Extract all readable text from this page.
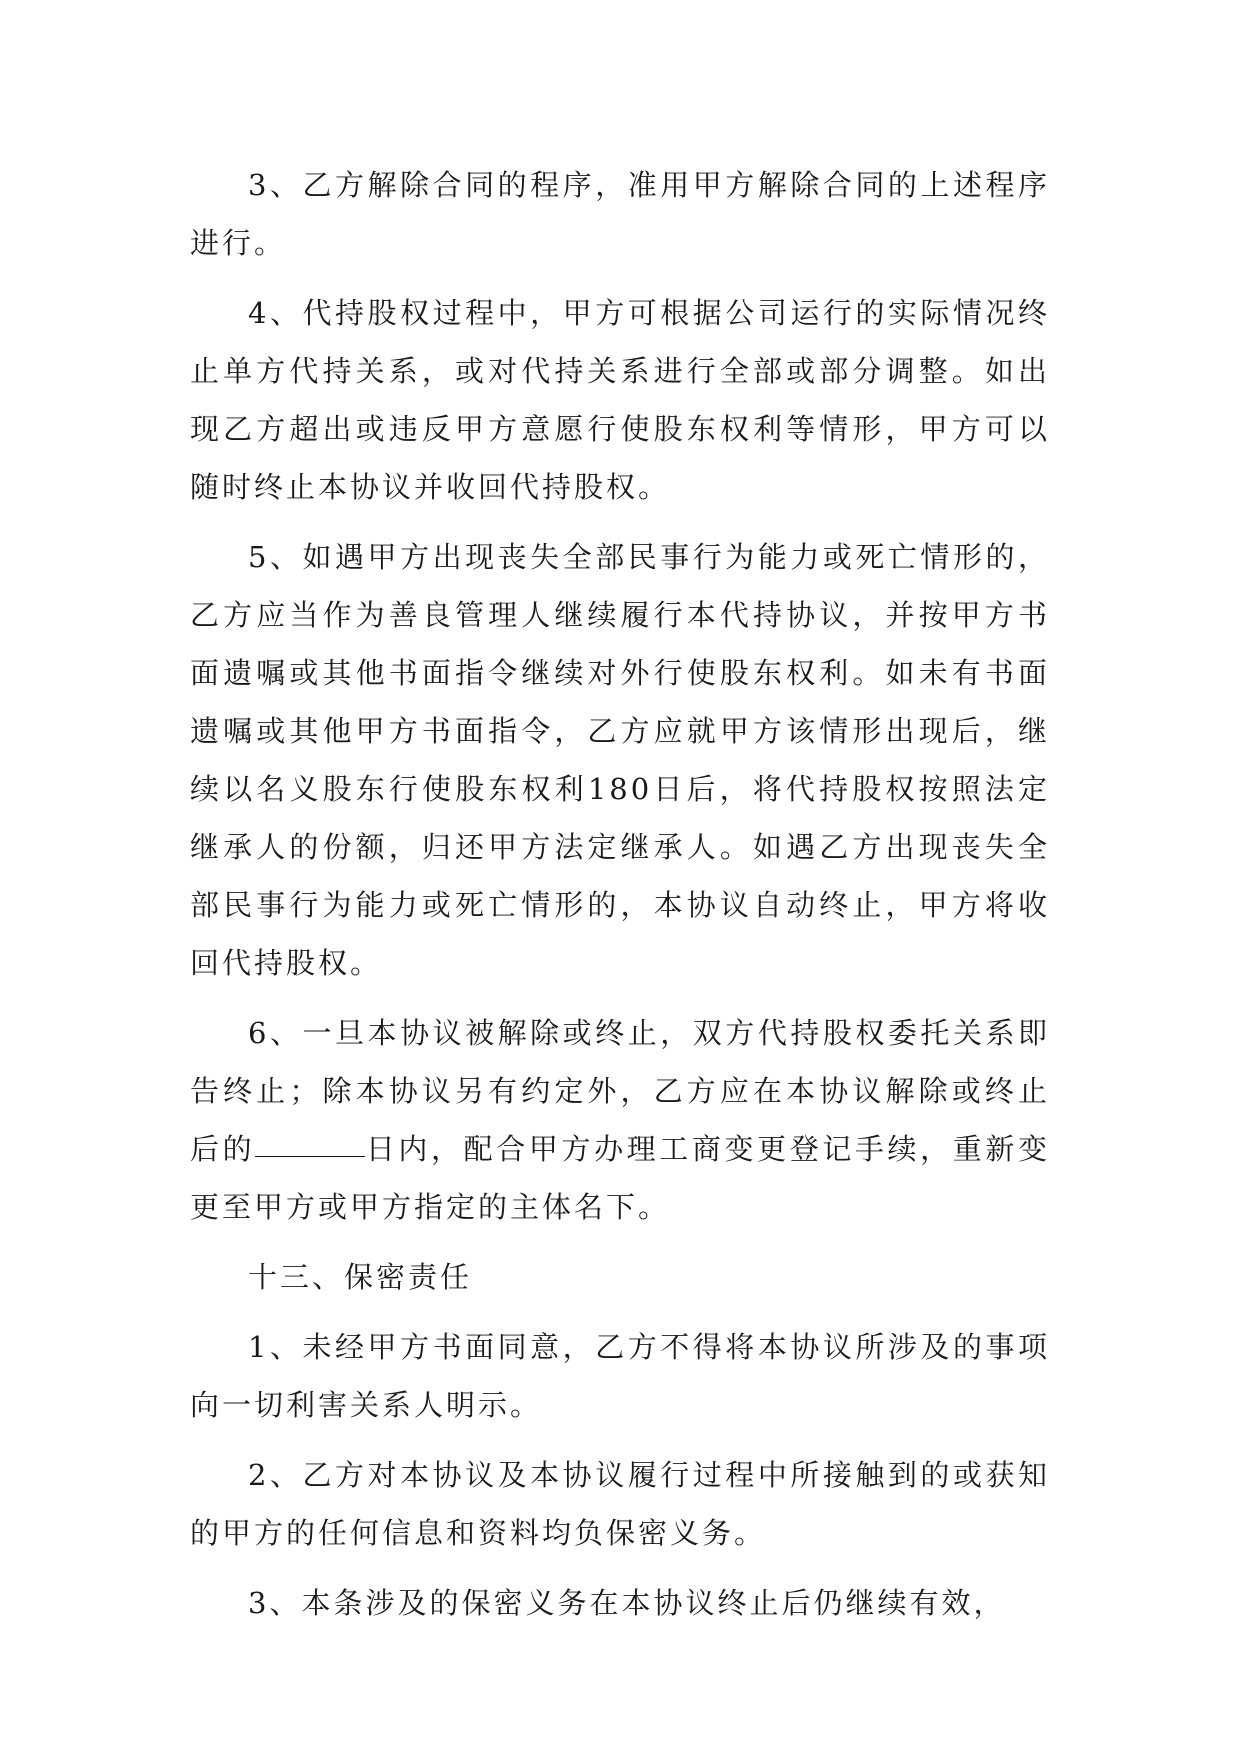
3、乙方解除合同的程序，准用甲方解除合同的上述程序进行。

4、代持股权过程中，甲方可根据公司运行的实际情况终止单方代持关系，或对代持关系进行全部或部分调整。如出现乙方超出或违反甲方意愿行使股东权利等情形，甲方可以随时终止本协议并收回代持股权。

5、如遇甲方出现丧失全部民事行为能力或死亡情形的，乙方应当作为善良管理人继续履行本代持协议，并按甲方书面遗嘱或其他书面指令继续对外行使股东权利。如未有书面遗嘱或其他甲方书面指令，乙方应就甲方该情形出现后，继续以名义股东行使股东权利180日后，将代持股权按照法定继承人的份额，归还甲方法定继承人。如遇乙方出现丧失全部民事行为能力或死亡情形的，本协议自动终止，甲方将收回代持股权。

6、一旦本协议被解除或终止，双方代持股权委托关系即告终止；除本协议另有约定外，乙方应在本协议解除或终止后的	日内，配合甲方办理工商变更登记手续，重新变更至甲方或甲方指定的主体名下。

十三、保密责任

1、未经甲方书面同意，乙方不得将本协议所涉及的事项向一切利害关系人明示。

2、乙方对本协议及本协议履行过程中所接触到的或获知的甲方的任何信息和资料均负保密义务。

3、本条涉及的保密义务在本协议终止后仍继续有效，
